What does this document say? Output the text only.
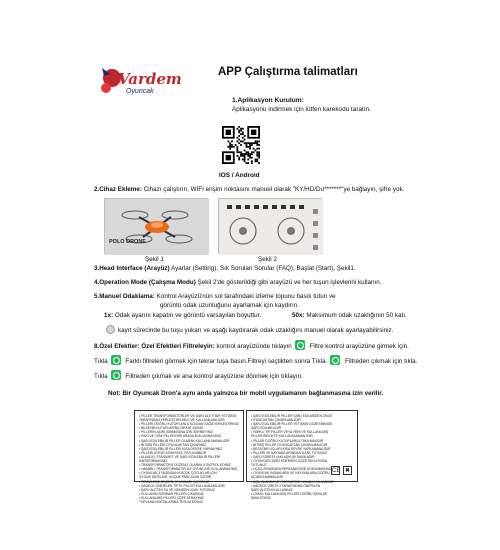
Vardem
Oyuncak
APP Çalıştırma talimatları
1.Aplikasyon Kurulum:
Aplikasyonu indirmek için lütfen karekodu taratın.
IOS / Android
2.Cihaz Ekleme: Cihazı çalıştırın, WIFI erişim noktasını manuel olarak "KY/HD/Du*******"ye bağlayın, şifre yok.
POLO DRONE
Şekil 1	Şekil 2
3.Head Interface (Arayüz) Ayarlar (Setting), Sık Sorulan Sorular (FAQ), Başlat (Start), Şekil1.
4.Operation Mode (Çalışma Modu) Şekil 2'de gösterildiği gibi arayüzü ve her tuşun işlevlerini kullanın.
5.Manuel Odaklama: Kontrol Arayüzü'nün sol tarafındaki izleme topunu basılı tutun ve
görüntü odak uzunluğunu ayarlamak için kaydırın.
1x: Odak ayarını kapatın ve görüntü varsayılan boyuttur.	50x: Maksimum odak uzaklığının 50 katı.
kayıt sürecinde bu tuşu yukarı ve aşağı kaydırarak odak uzaklığını manuel olarak ayarlayabilirsiniz.
8.Özel Efektler: Özel Efektleri Filtreleyin: kontrol arayüzünde tıklayın	Filtre kontrol arayüzüne girmek için.
Tıkla	Farklı filtreleri görmek için tekrar tuşa basın.Filtreyi seçtikten sonra Tıkla.	Filtreden çıkmak için tıkla.
Tıkla	Filtreden çıkmak ve ana kontrol arayüzüne dönmek için tıklayın.
Not: Bir Oyuncak Dron'a aynı anda yalnızca bir mobil uygulamanın bağlanmasına izin verilir.
• PİLLER TRANSFORMATÖRLER VE ŞARJ ALETİ BİR YETİŞKİN
TARAFINDAN YERLEŞTİRİLMELİ VE KULLANILMALIDIR
• PİLLERİ DOĞRU KUTUPLARLA SOLDAN SAĞA YERLEŞTİRİNİZ
• BİLDİRİM KUTUPLARINA DİKKAT EDİNİZ
• PİLLERİN AŞIRI ISINMASINA İZİN VERMEYİNİZ
• ESKİ VE YENİ PİLLERİ BİR ARADA KULLANMAYINIZ
• ŞARJ EDİLEBİLİR PİLLER OLARAK KULLANILMAMALIDIR
• BİTMİŞ PİLLERİ OYUNCAKTAN ÇIKARINIZ
• ŞARJ EDİLEBİLİR PİLLERİ KISA DEVRE YAPMAYINIZ
• PİLLERİ ATEŞE ATMAYINIZ, PATLAYABİLİR
• ALKALİN, STANDART VE ŞARJ EDİLEBİLİR PİLLERİ
KARIŞTIRMAYINIZ
• TRANSFORMATÖRÜ DÜZENLİ OLARAK KONTROL EDİNİZ
• HASARLI TRANSFORMATÖR İLE OYUNCAĞI KULLANMAYINIZ
• OYUNCAK 3 YAŞINDAN KÜÇÜK ÇOCUKLAR İÇİN
UYGUN DEĞİLDİR, KÜÇÜK PARÇALAR İÇERİR
• TEMİZLEME ÖNCESİ OYUNCAĞI KAPATINIZ
• SADECE ÖNERİLEN TİPTE PİLLER KULLANILMALIDIR
• ŞARJ ALETİNİ SU VE NEMDEN UZAK TUTUNUZ
• KULLANIM SONRASI PİLLERİ ÇIKARINIZ
• KULLANILMIŞ PİLLERİ ÇÖPE ATMAYINIZ
TOPLAMA NOKTALARINA TESLİM EDİNİZ
• ŞARJ EDİLEBİLİR PİLLER ŞARJ EDİLMEDEN ÖNCE
OYUNCAKTAN ÇIKARILMALIDIR
• ŞARJ EDİLEBİLİR PİLLER YETİŞKİN GÖZETİMİNDE
ŞARJ EDİLMELİDİR
• FARKLI TİP PİLLER VEYA YENİ VE KULLANILMIŞ
PİLLER BİRLİKTE KULLANILMAMALIDIR
• PİLLER DOĞRU KUTUPLARLA TAKILMALIDIR
• BİTMİŞ PİLLER OYUNCAKTAN ÇIKARILMALIDIR
• BESLEME UÇLARI KISA DEVRE YAPILMAMALIDIR
• PİLLERİ ISI KAYNAKLARINDAN UZAK TUTUNUZ
• ŞARJ SÜRESİ YAKLAŞIK 60 DAKİKADIR
• OYUNCAĞI ŞARJ EDERKEN GÖZETİM ALTINDA
TUTUNUZ
• UÇUŞ SIRASINDA PERVANELERE DOKUNMAYINIZ
• OYUNCAK İNSANLARA VE HAYVANLARA DOĞRU
UÇURULMAMALIDIR
• AÇIK ALANDA VE RÜZGARSIZ HAVADA KULLANINIZ
• SADECE ÜRETİCİ TARAFINDAN ÖNERİLEN
ŞARJ ALETİNİ KULLANINIZ
• UYARI: KULLANILMIŞ PİLLERİ DOĞRU ŞEKİLDE
İMHA EDİNİZ
CE ✖
